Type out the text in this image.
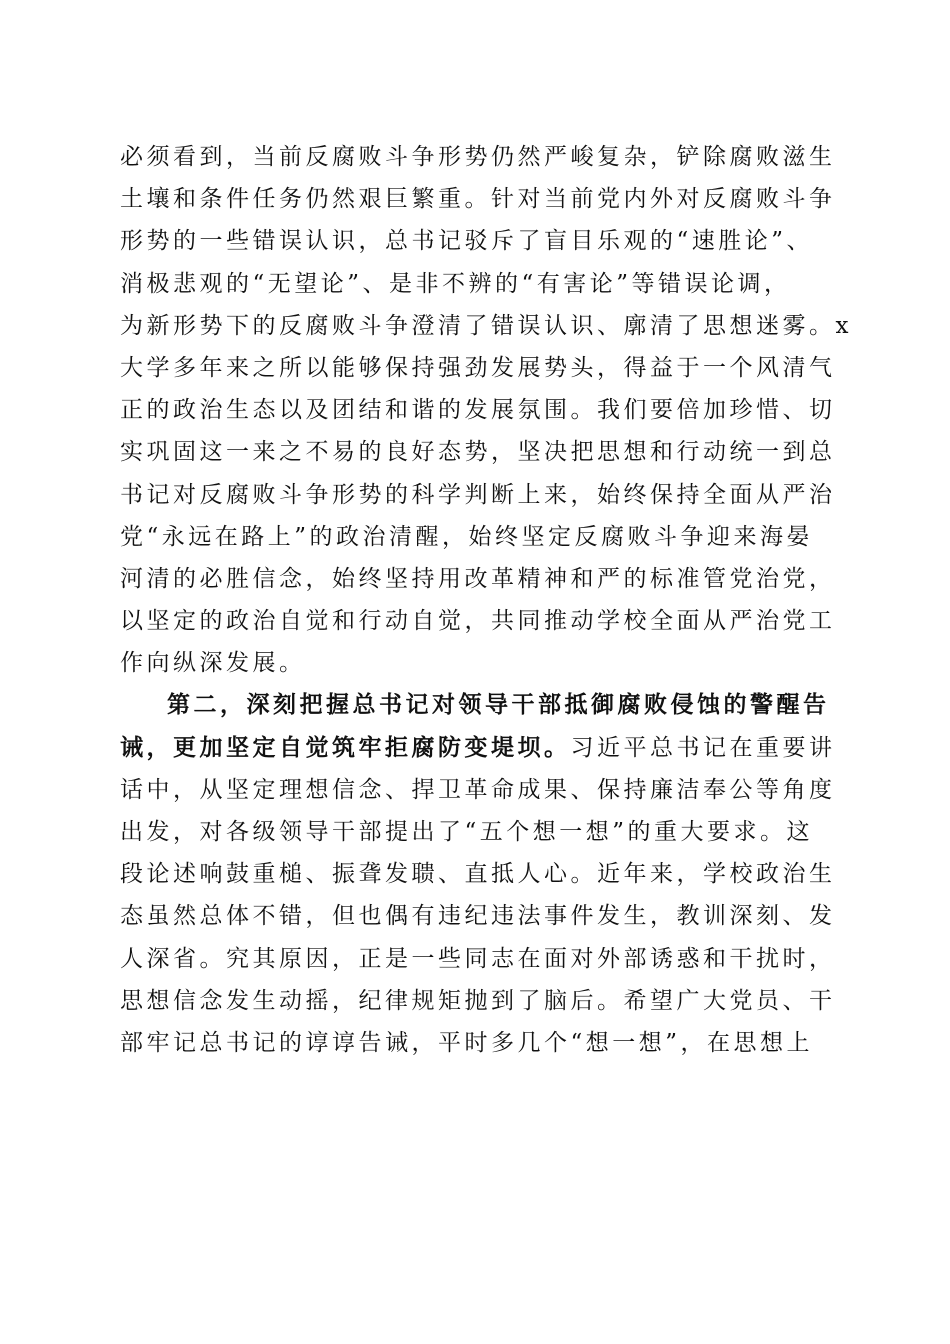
必须看到，当前反腐败斗争形势仍然严峻复杂，铲除腐败滋生
土壤和条件任务仍然艰巨繁重。针对当前党内外对反腐败斗争
形势的一些错误认识，总书记驳斥了盲目乐观的“速胜论”、
消极悲观的“无望论”、是非不辨的“有害论”等错误论调，
为新形势下的反腐败斗争澄清了错误认识、廓清了思想迷雾。x
大学多年来之所以能够保持强劲发展势头，得益于一个风清气
正的政治生态以及团结和谐的发展氛围。我们要倍加珍惜、切
实巩固这一来之不易的良好态势，坚决把思想和行动统一到总
书记对反腐败斗争形势的科学判断上来，始终保持全面从严治
党“永远在路上”的政治清醒，始终坚定反腐败斗争迎来海晏
河清的必胜信念，始终坚持用改革精神和严的标准管党治党，
以坚定的政治自觉和行动自觉，共同推动学校全面从严治党工
作向纵深发展。
第二，深刻把握总书记对领导干部抵御腐败侵蚀的警醒告
诫，更加坚定自觉筑牢拒腐防变堤坝。习近平总书记在重要讲
话中，从坚定理想信念、捍卫革命成果、保持廉洁奉公等角度
出发，对各级领导干部提出了“五个想一想”的重大要求。这
段论述响鼓重槌、振聋发聩、直抵人心。近年来，学校政治生
态虽然总体不错，但也偶有违纪违法事件发生，教训深刻、发
人深省。究其原因，正是一些同志在面对外部诱惑和干扰时，
思想信念发生动摇，纪律规矩抛到了脑后。希望广大党员、干
部牢记总书记的谆谆告诫，平时多几个“想一想”，在思想上
